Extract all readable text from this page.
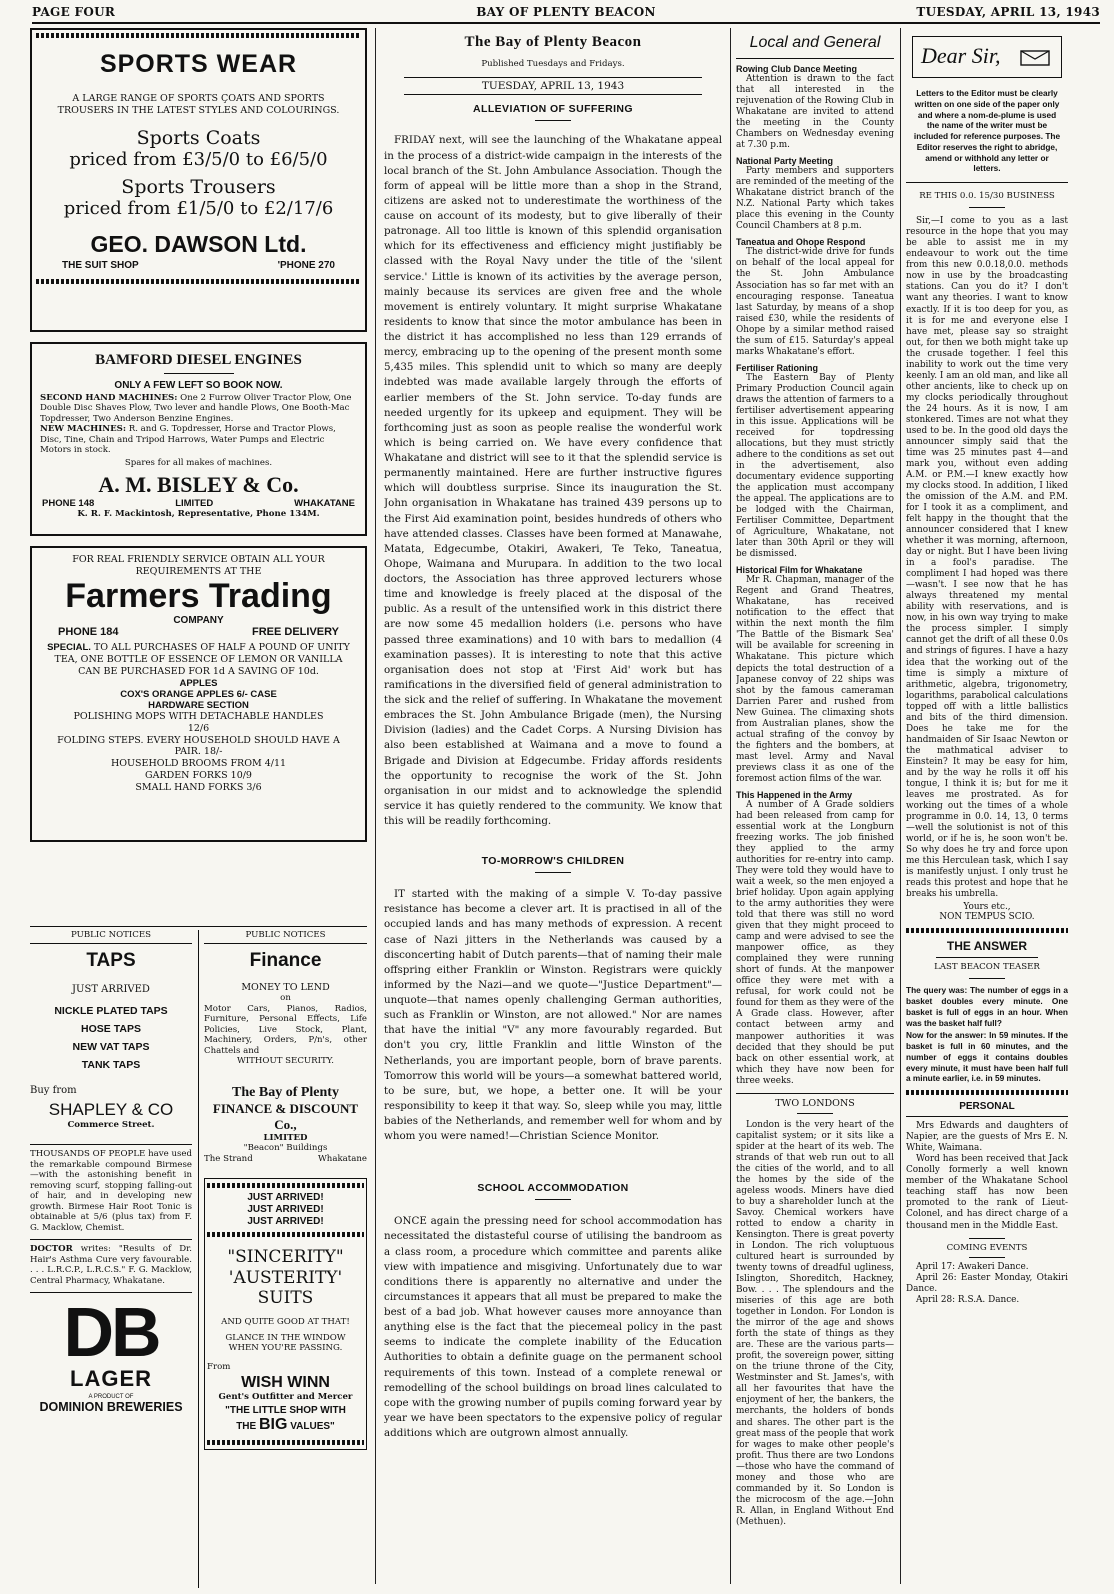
PAGE FOUR	BAY OF PLENTY BEACON	TUESDAY, APRIL 13, 1943
SPORTS WEAR
A LARGE RANGE OF SPORTS ÇOATS AND SPORTS TROUSERS IN THE LATEST STYLES AND COLOURINGS.
Sports Coats
priced from £3/5/0 to £6/5/0
Sports Trousers
priced from £1/5/0 to £2/17/6
GEO. DAWSON Ltd.
THE SUIT SHOP	'PHONE 270
BAMFORD DIESEL ENGINES
ONLY A FEW LEFT SO BOOK NOW.
SECOND HAND MACHINES: One 2 Furrow Oliver Tractor Plow, One Double Disc Shaves Plow, Two lever and handle Plows, One Booth-Mac Topdresser, Two Anderson Benzine Engines.
NEW MACHINES: R. and G. Topdresser, Horse and Tractor Plows, Disc, Tine, Chain and Tripod Harrows, Water Pumps and Electric Motors in stock.
Spares for all makes of machines.
A. M. BISLEY & Co.
PHONE 148	LIMITED	WHAKATANE
K. R. F. Mackintosh, Representative, Phone 134M.
FOR REAL FRIENDLY SERVICE OBTAIN ALL YOUR REQUIREMENTS AT THE
Farmers Trading
COMPANY
PHONE 184	FREE DELIVERY
SPECIAL. TO ALL PURCHASES OF HALF A POUND OF UNITY TEA, ONE BOTTLE OF ESSENCE OF LEMON OR VANILLA CAN BE PURCHASED FOR 1d A SAVING OF 10d.
APPLES
COX'S ORANGE APPLES 6/- CASE
HARDWARE SECTION
POLISHING MOPS WITH DETACHABLE HANDLES
12/6
FOLDING STEPS. EVERY HOUSEHOLD SHOULD HAVE A PAIR. 18/-
HOUSEHOLD BROOMS FROM 4/11
GARDEN FORKS 10/9
SMALL HAND FORKS 3/6
PUBLIC NOTICES
TAPS
JUST ARRIVED
NICKLE PLATED TAPS
HOSE TAPS
NEW VAT TAPS
TANK TAPS
Buy from
SHAPLEY & CO
Commerce Street.
THOUSANDS OF PEOPLE have used the remarkable compound Birmese—with the astonishing benefit in removing scurf, stopping falling-out of hair, and in developing new growth. Birmese Hair Root Tonic is obtainable at 5/6 (plus tax) from F. G. Macklow, Chemist.
DOCTOR writes: "Results of Dr. Hair's Asthma Cure very favourable. . . . L.R.C.P., L.R.C.S." F. G. Macklow, Central Pharmacy, Whakatane.
DB
LAGER
A PRODUCT OF
DOMINION BREWERIES
PUBLIC NOTICES
Finance
MONEY TO LEND
on
Motor Cars, Pianos, Radios, Furniture, Personal Effects, Life Policies, Live Stock, Plant, Machinery, Orders, P/n's, other Chattels and
WITHOUT SECURITY.
The Bay of Plenty
FINANCE & DISCOUNT Co.,
LIMITED
"Beacon" Buildings
The Strand	Whakatane
JUST ARRIVED!
JUST ARRIVED!
JUST ARRIVED!
"SINCERITY"
'AUSTERITY'
SUITS
AND QUITE GOOD AT THAT!
GLANCE IN THE WINDOW WHEN YOU'RE PASSING.
From
WISH WINN
Gent's Outfitter and Mercer
"THE LITTLE SHOP WITH
THE BIG VALUES"
The Bay of Plenty Beacon
Published Tuesdays and Fridays.
TUESDAY, APRIL 13, 1943
ALLEVIATION OF SUFFERING

FRIDAY next, will see the launching of the Whakatane appeal in the process of a district-wide campaign in the interests of the local branch of the St. John Ambulance Association. Though the form of appeal will be little more than a shop in the Strand, citizens are asked not to underestimate the worthiness of the cause on account of its modesty, but to give liberally of their patronage. All too little is known of this splendid organisation which for its effectiveness and efficiency might justifiably be classed with the Royal Navy under the title of the 'silent service.' Little is known of its activities by the average person, mainly because its services are given free and the whole movement is entirely voluntary. It might surprise Whakatane residents to know that since the motor ambulance has been in the district it has accomplished no less than 129 errands of mercy, embracing up to the opening of the present month some 5,435 miles. This splendid unit to which so many are deeply indebted was made available largely through the efforts of earlier members of the St. John service. To-day funds are needed urgently for its upkeep and equipment. They will be forthcoming just as soon as people realise the wonderful work which is being carried on. We have every confidence that Whakatane and district will see to it that the splendid service is permanently maintained. Here are further instructive figures which will doubtless surprise. Since its inauguration the St. John organisation in Whakatane has trained 439 persons up to the First Aid examination point, besides hundreds of others who have attended classes. Classes have been formed at Manawahe, Matata, Edgecumbe, Otakiri, Awakeri, Te Teko, Taneatua, Ohope, Waimana and Murupara. In addition to the two local doctors, the Association has three approved lecturers whose time and knowledge is freely placed at the disposal of the public. As a result of the untensified work in this district there are now some 45 medallion holders (i.e. persons who have passed three examinations) and 10 with bars to medallion (4 examination passes). It is interesting to note that this active organisation does not stop at 'First Aid' work but has ramifications in the diversified field of general administration to the sick and the relief of suffering. In Whakatane the movement embraces the St. John Ambulance Brigade (men), the Nursing Division (ladies) and the Cadet Corps. A Nursing Division has also been established at Waimana and a move to found a Brigade and Division at Edgecumbe. Friday affords residents the opportunity to recognise the work of the St. John organisation in our midst and to acknowledge the splendid service it has quietly rendered to the community. We know that this will be readily forthcoming.

TO-MORROW'S CHILDREN

IT started with the making of a simple V. To-day passive resistance has become a clever art. It is practised in all of the occupied lands and has many methods of expression. A recent case of Nazi jitters in the Netherlands was caused by a disconcerting habit of Dutch parents—that of naming their male offspring either Franklin or Winston. Registrars were quickly informed by the Nazi—and we quote—"Justice Department"—unquote—that names openly challenging German authorities, such as Franklin or Winston, are not allowed." Nor are names that have the initial "V" any more favourably regarded. But don't you cry, little Franklin and little Winston of the Netherlands, you are important people, born of brave parents. Tomorrow this world will be yours—a somewhat battered world, to be sure, but, we hope, a better one. It will be your responsibility to keep it that way. So, sleep while you may, little babies of the Netherlands, and remember well for whom and by whom you were named!—Christian Science Monitor.

SCHOOL ACCOMMODATION

ONCE again the pressing need for school accommodation has necessitated the distasteful course of utilising the bandroom as a class room, a procedure which committee and parents alike view with impatience and misgiving. Unfortunately due to war conditions there is apparently no alternative and under the circumstances it appears that all must be prepared to make the best of a bad job. What however causes more annoyance than anything else is the fact that the piecemeal policy in the past seems to indicate the complete inability of the Education Authorities to obtain a definite guage on the permanent school requirements of this town. Instead of a complete renewal or remodelling of the school buildings on broad lines calculated to cope with the growing number of pupils coming forward year by year we have been spectators to the expensive policy of regular additions which are outgrown almost annually.

Local and General
Rowing Club Dance Meeting

Attention is drawn to the fact that all interested in the rejuvenation of the Rowing Club in Whakatane are invited to attend the meeting in the County Chambers on Wednesday evening at 7.30 p.m.

National Party Meeting

Party members and supporters are reminded of the meeting of the Whakatane district branch of the N.Z. National Party which takes place this evening in the County Council Chambers at 8 p.m.

Taneatua and Ohope Respond

The district-wide drive for funds on behalf of the local appeal for the St. John Ambulance Association has so far met with an encouraging response. Taneatua last Saturday, by means of a shop raised £30, while the residents of Ohope by a similar method raised the sum of £15. Saturday's appeal marks Whakatane's effort.

Fertiliser Rationing

The Eastern Bay of Plenty Primary Production Council again draws the attention of farmers to a fertiliser advertisement appearing in this issue. Applications will be received for topdressing allocations, but they must strictly adhere to the conditions as set out in the advertisement, also documentary evidence supporting the application must accompany the appeal. The applications are to be lodged with the Chairman, Fertiliser Committee, Department of Agriculture, Whakatane, not later than 30th April or they will be dismissed.

Historical Film for Whakatane

Mr R. Chapman, manager of the Regent and Grand Theatres, Whakatane, has received notification to the effect that within the next month the film 'The Battle of the Bismark Sea' will be available for screening in Whakatane. This picture which depicts the total destruction of a Japanese convoy of 22 ships was shot by the famous cameraman Darrien Parer and rushed from New Guinea. The climaxing shots from Australian planes, show the actual strafing of the convoy by the fighters and the bombers, at mast level. Army and Naval previews class it as one of the foremost action films of the war.

This Happened in the Army

A number of A Grade soldiers had been released from camp for essential work at the Longburn freezing works. The job finished they applied to the army authorities for re-entry into camp. They were told they would have to wait a week, so the men enjoyed a brief holiday. Upon again applying to the army authorities they were told that there was still no word given that they might proceed to camp and were advised to see the manpower office, as they complained they were running short of funds. At the manpower office they were met with a refusal, for work could not be found for them as they were of the A Grade class. However, after contact between army and manpower authorities it was decided that they should be put back on other essential work, at which they have now been for three weeks.

TWO LONDONS

London is the very heart of the capitalist system; or it sits like a spider at the heart of its web. The strands of that web run out to all the cities of the world, and to all the homes by the side of the ageless woods. Miners have died to buy a shareholder lunch at the Savoy. Chemical workers have rotted to endow a charity in Kensington. There is great poverty in London. The rich voluptuous cultured heart is surrounded by twenty towns of dreadful ugliness, Islington, Shoreditch, Hackney, Bow. . . . The splendours and the miseries of this age are both together in London. For London is the mirror of the age and shows forth the state of things as they are. These are the various parts—profit, the sovereign power, sitting on the triune throne of the City, Westminster and St. James's, with all her favourites that have the enjoyment of her, the bankers, the merchants, the holders of bonds and shares. The other part is the great mass of the people that work for wages to make other people's profit. Thus there are two Londons—those who have the command of money and those who are commanded by it. So London is the microcosm of the age.—John R. Allan, in England Without End (Methuen).

Dear Sir,
Letters to the Editor must be clearly written on one side of the paper only and where a nom-de-plume is used the name of the writer must be included for reference purposes. The Editor reserves the right to abridge, amend or withhold any letter or letters.
RE THIS 0.0. 15/30 BUSINESS

Sir,—I come to you as a last resource in the hope that you may be able to assist me in my endeavour to work out the time from this new 0.0.18,0.0. methods now in use by the broadcasting stations. Can you do it? I don't want any theories. I want to know exactly. If it is too deep for you, as it is for me and everyone else I have met, please say so straight out, for then we both might take up the crusade together. I feel this inability to work out the time very keenly. I am an old man, and like all other ancients, like to check up on my clocks periodically throughout the 24 hours. As it is now, I am stonkered. Times are not what they used to be. In the good old days the announcer simply said that the time was 25 minutes past 4—and mark you, without even adding A.M. or P.M.—I knew exactly how my clocks stood. In addition, I liked the omission of the A.M. and P.M. for I took it as a compliment, and felt happy in the thought that the announcer considered that I knew whether it was morning, afternoon, day or night. But I have been living in a fool's paradise. The compliment I had hoped was there—wasn't. I see now that he has always threatened my mental ability with reservations, and is now, in his own way trying to make the process simpler. I simply cannot get the drift of all these 0.0s and strings of figures. I have a hazy idea that the working out of the time is simply a mixture of arithmetic, algebra, trigonometry, logarithms, parabolical calculations topped off with a little ballistics and bits of the third dimension. Does he take me for the handmaiden of Sir Isaac Newton or the mathmatical adviser to Einstein? It may be easy for him, and by the way he rolls it off his tongue, I think it is; but for me it leaves me prostrated. As for working out the times of a whole programme in 0.0. 14, 13, 0 terms—well the solutionist is not of this world, or if he is, he soon won't be. So why does he try and force upon me this Herculean task, which I say is manifestly unjust. I only trust he reads this protest and hope that he breaks his umbrella.

Yours etc.,
NON TEMPUS SCIO.
THE ANSWER
LAST BEACON TEASER
The query was: The number of eggs in a basket doubles every minute. One basket is full of eggs in an hour. When was the basket half full?
Now for the answer: In 59 minutes. If the basket is full in 60 minutes, and the number of eggs it contains doubles every minute, it must have been half full a minute earlier, i.e. in 59 minutes.
PERSONAL

Mrs Edwards and daughters of Napier, are the guests of Mrs E. N. White, Waimana.

Word has been received that Jack Conolly formerly a well known member of the Whakatane School teaching staff has now been promoted to the rank of Lieut-Colonel, and has direct charge of a thousand men in the Middle East.

COMING EVENTS

April 17: Awakeri Dance.

April 26: Easter Monday, Otakiri Dance.

April 28: R.S.A. Dance.
